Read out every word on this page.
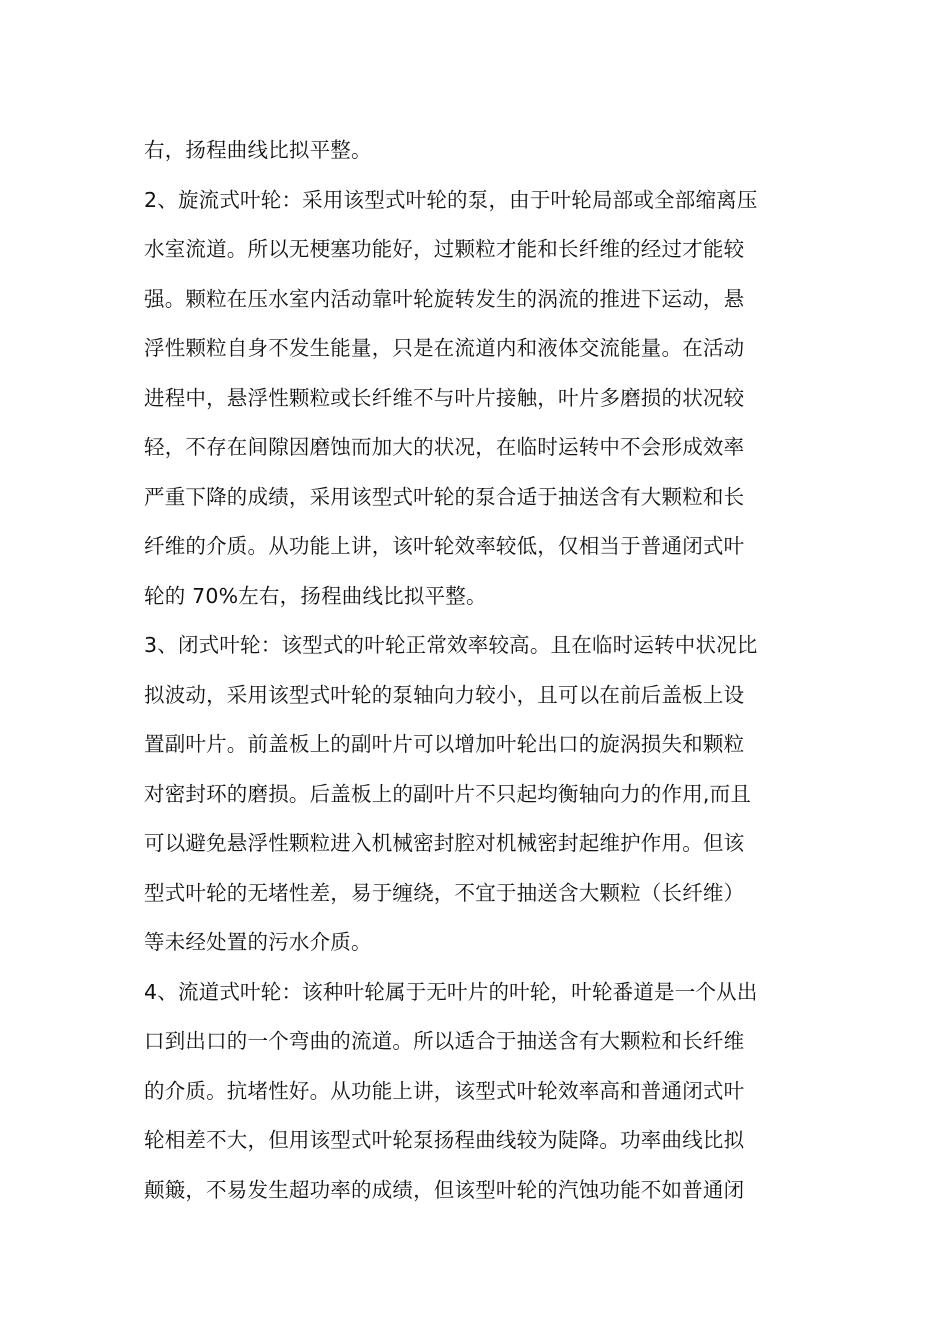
右，扬程曲线比拟平整。
2、旋流式叶轮：采用该型式叶轮的泵，由于叶轮局部或全部缩离压
水室流道。所以无梗塞功能好，过颗粒才能和长纤维的经过才能较
强。颗粒在压水室内活动靠叶轮旋转发生的涡流的推进下运动，悬
浮性颗粒自身不发生能量，只是在流道内和液体交流能量。在活动
进程中，悬浮性颗粒或长纤维不与叶片接触，叶片多磨损的状况较
轻，不存在间隙因磨蚀而加大的状况，在临时运转中不会形成效率
严重下降的成绩，采用该型式叶轮的泵合适于抽送含有大颗粒和长
纤维的介质。从功能上讲，该叶轮效率较低，仅相当于普通闭式叶
轮的 70%左右，扬程曲线比拟平整。
3、闭式叶轮：该型式的叶轮正常效率较高。且在临时运转中状况比
拟波动，采用该型式叶轮的泵轴向力较小，且可以在前后盖板上设
置副叶片。前盖板上的副叶片可以增加叶轮出口的旋涡损失和颗粒
对密封环的磨损。后盖板上的副叶片不只起均衡轴向力的作用,而且
可以避免悬浮性颗粒进入机械密封腔对机械密封起维护作用。但该
型式叶轮的无堵性差，易于缠绕，不宜于抽送含大颗粒（长纤维）
等未经处置的污水介质。
4、流道式叶轮：该种叶轮属于无叶片的叶轮，叶轮番道是一个从出
口到出口的一个弯曲的流道。所以适合于抽送含有大颗粒和长纤维
的介质。抗堵性好。从功能上讲，该型式叶轮效率高和普通闭式叶
轮相差不大，但用该型式叶轮泵扬程曲线较为陡降。功率曲线比拟
颠簸，不易发生超功率的成绩，但该型叶轮的汽蚀功能不如普通闭
